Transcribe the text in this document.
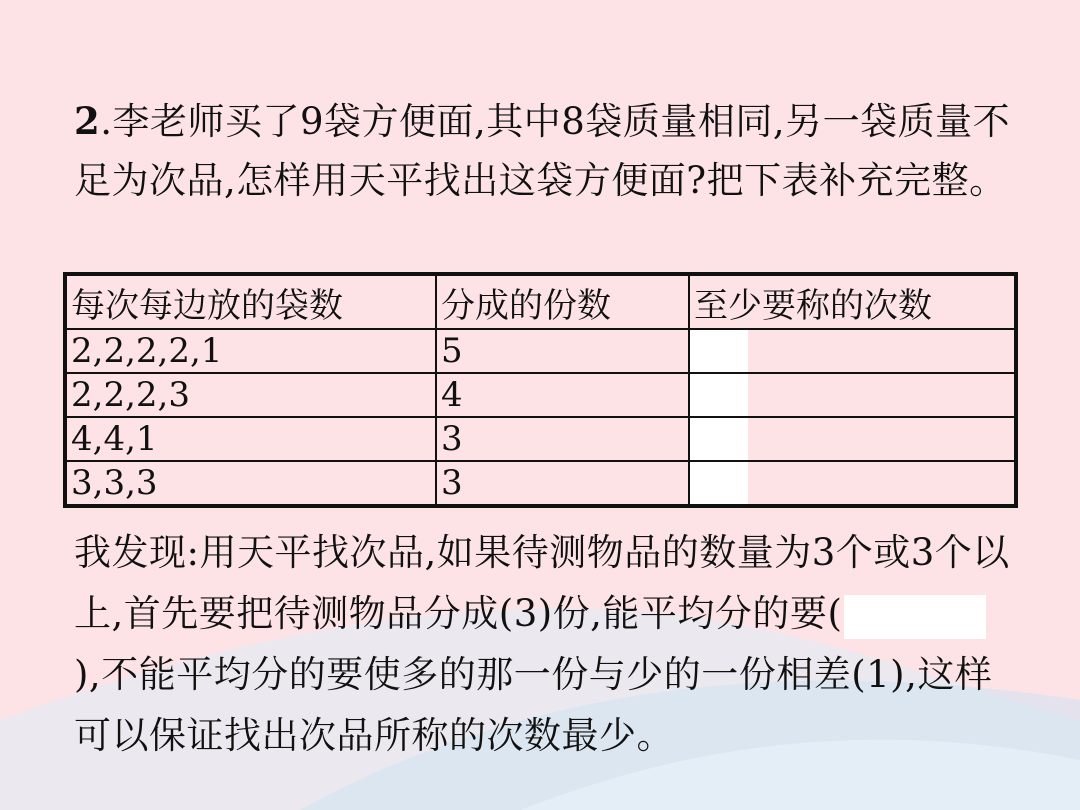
2.李老师买了9袋方便面,其中8袋质量相同,另一袋质量不足为次品,怎样用天平找出这袋方便面?把下表补充完整。
每次每边放的袋数	分成的份数	至少要称的次数
2,2,2,2,1	5	

2,2,2,3	4	

4,4,1	3	

3,3,3	3	
我发现:用天平找次品,如果待测物品的数量为3个或3个以上,首先要把待测物品分成(3)份,能平均分的要(),不能平均分的要使多的那一份与少的一份相差(1),这样可以保证找出次品所称的次数最少。
